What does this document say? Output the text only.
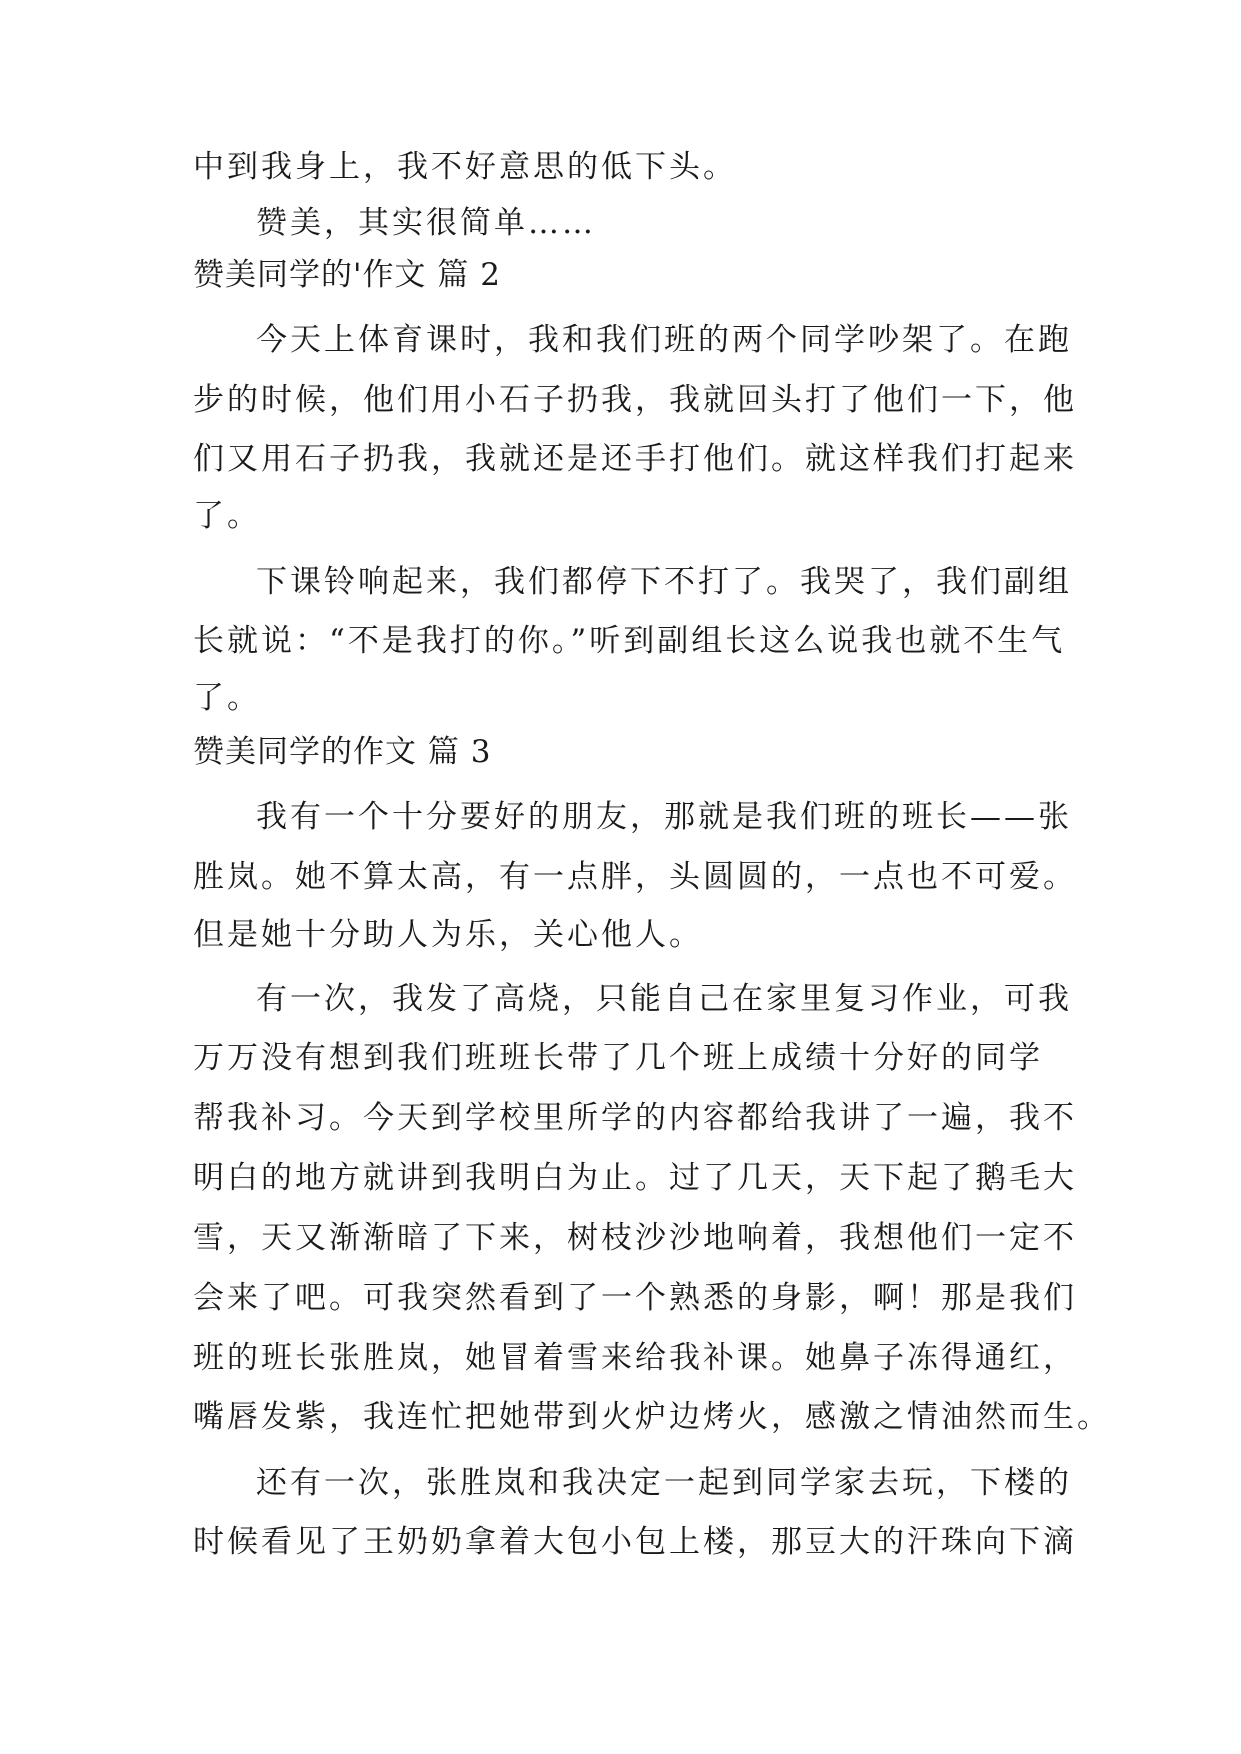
中到我身上，我不好意思的低下头。
赞美，其实很简单……
赞美同学的'作文 篇 2
今天上体育课时，我和我们班的两个同学吵架了。在跑
步的时候，他们用小石子扔我，我就回头打了他们一下，他
们又用石子扔我，我就还是还手打他们。就这样我们打起来
了。
下课铃响起来，我们都停下不打了。我哭了，我们副组
长就说：“不是我打的你。”听到副组长这么说我也就不生气
了。
赞美同学的作文 篇 3
我有一个十分要好的朋友，那就是我们班的班长——张
胜岚。她不算太高，有一点胖，头圆圆的，一点也不可爱。
但是她十分助人为乐，关心他人。
有一次，我发了高烧，只能自己在家里复习作业，可我
万万没有想到我们班班长带了几个班上成绩十分好的同学
帮我补习。今天到学校里所学的内容都给我讲了一遍，我不
明白的地方就讲到我明白为止。过了几天，天下起了鹅毛大
雪，天又渐渐暗了下来，树枝沙沙地响着，我想他们一定不
会来了吧。可我突然看到了一个熟悉的身影，啊！那是我们
班的班长张胜岚，她冒着雪来给我补课。她鼻子冻得通红，
嘴唇发紫，我连忙把她带到火炉边烤火，感激之情油然而生。
还有一次，张胜岚和我决定一起到同学家去玩，下楼的
时候看见了王奶奶拿着大包小包上楼，那豆大的汗珠向下滴
